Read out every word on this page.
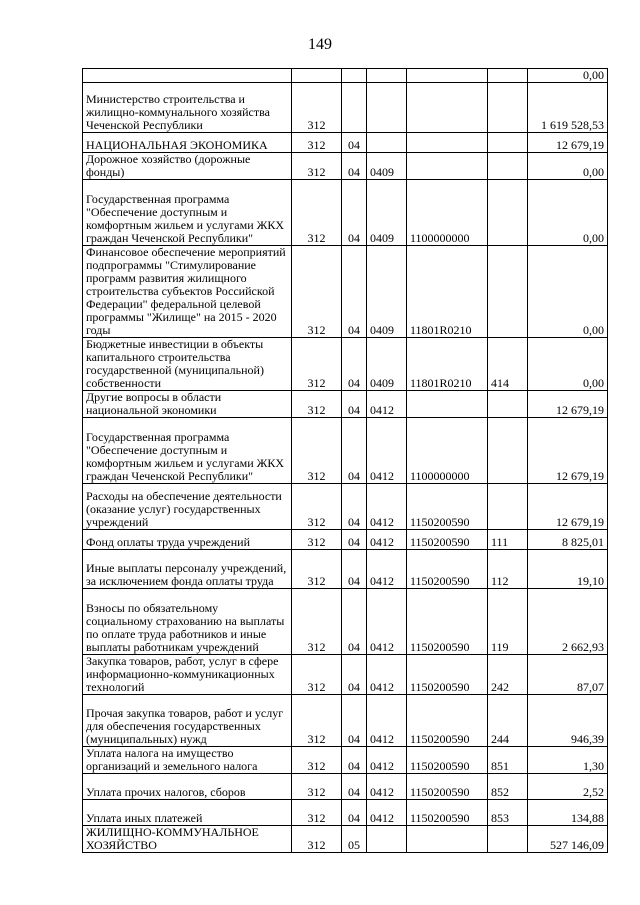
149
						0,00
Министерство строительства и жилищно-коммунального хозяйства Чеченской Республики	312					1 619 528,53
НАЦИОНАЛЬНАЯ ЭКОНОМИКА	312	04				12 679,19
Дорожное хозяйство (дорожные фонды)	312	04	0409			0,00
Государственная программа "Обеспечение доступным и комфортным жильем и услугами ЖКХ граждан Чеченской Республики"	312	04	0409	1100000000		0,00
Финансовое обеспечение мероприятий подпрограммы "Стимулирование программ развития жилищного строительства субъектов Российской Федерации" федеральной целевой программы "Жилище" на 2015 - 2020 годы	312	04	0409	11801R0210		0,00
Бюджетные инвестиции в объекты капитального строительства государственной (муниципальной) собственности	312	04	0409	11801R0210	414	0,00
Другие вопросы в области национальной экономики	312	04	0412			12 679,19
Государственная программа "Обеспечение доступным и комфортным жильем и услугами ЖКХ граждан Чеченской Республики"	312	04	0412	1100000000		12 679,19
Расходы на обеспечение деятельности (оказание услуг) государственных учреждений	312	04	0412	1150200590		12 679,19
Фонд оплаты труда учреждений	312	04	0412	1150200590	111	8 825,01
Иные выплаты персоналу учреждений, за исключением фонда оплаты труда	312	04	0412	1150200590	112	19,10
Взносы по обязательному социальному страхованию на выплаты по оплате труда работников и иные выплаты работникам учреждений	312	04	0412	1150200590	119	2 662,93
Закупка товаров, работ, услуг в сфере информационно-коммуникационных технологий	312	04	0412	1150200590	242	87,07
Прочая закупка товаров, работ и услуг для обеспечения государственных (муниципальных) нужд	312	04	0412	1150200590	244	946,39
Уплата налога на имущество организаций и земельного налога	312	04	0412	1150200590	851	1,30
Уплата прочих налогов, сборов	312	04	0412	1150200590	852	2,52
Уплата иных платежей	312	04	0412	1150200590	853	134,88
ЖИЛИЩНО-КОММУНАЛЬНОЕ ХОЗЯЙСТВО	312	05				527 146,09
